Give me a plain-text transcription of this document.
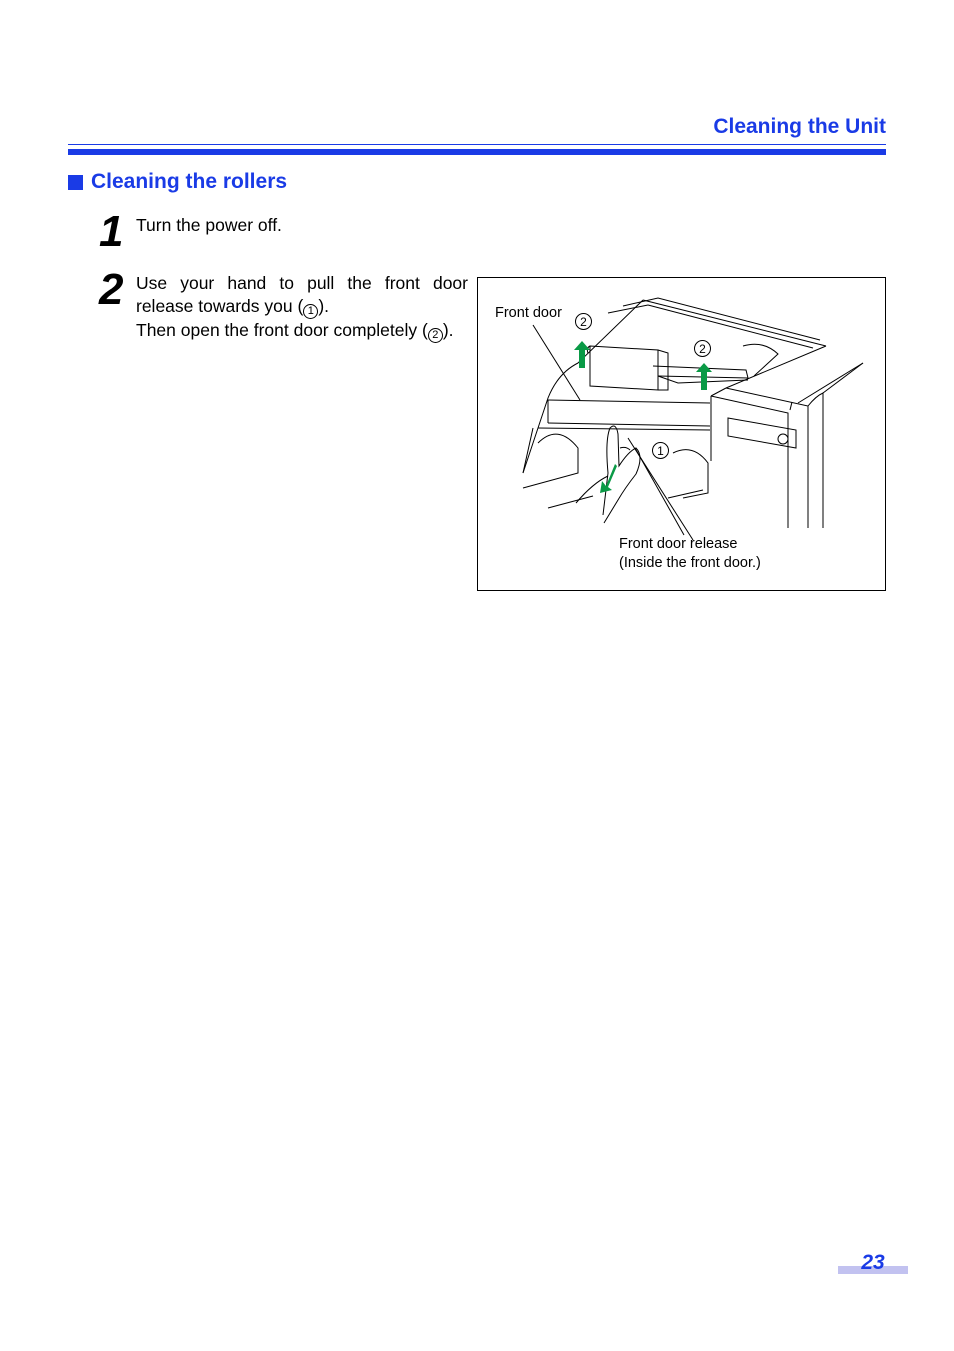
Cleaning the Unit
Cleaning the rollers
1 Turn the power off.
2 Use your hand to pull the front door release towards you ( 1 ).
Then open the front door completely ( 2 ).
Front door
2
2
1
Front door release
(Inside the front door.)
23
